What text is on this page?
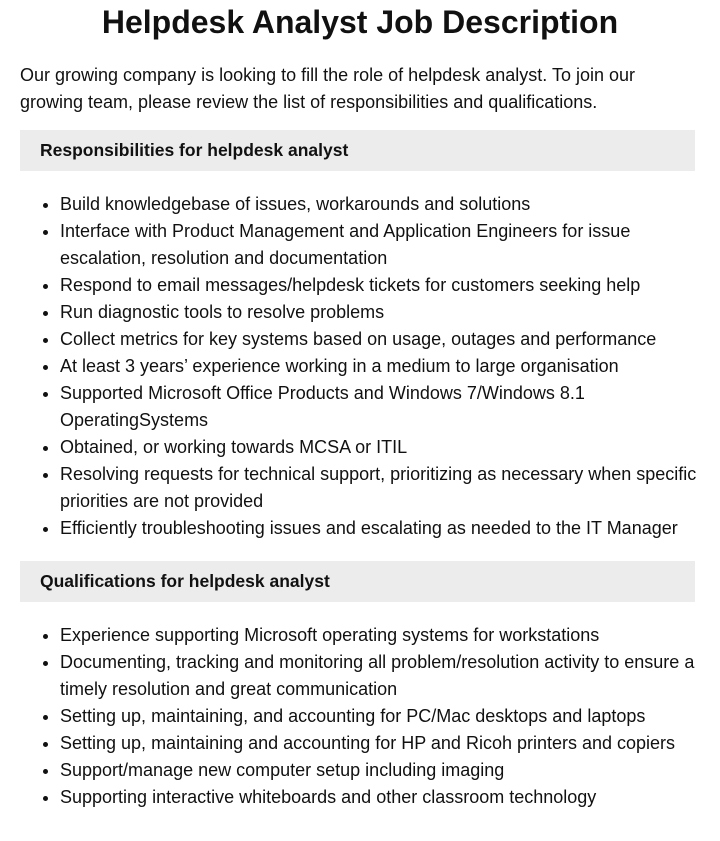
Helpdesk Analyst Job Description

Our growing company is looking to fill the role of helpdesk analyst. To join our growing team, please review the list of responsibilities and qualifications.

Responsibilities for helpdesk analyst
• Build knowledgebase of issues, workarounds and solutions
• Interface with Product Management and Application Engineers for issue escalation, resolution and documentation
• Respond to email messages/helpdesk tickets for customers seeking help
• Run diagnostic tools to resolve problems
• Collect metrics for key systems based on usage, outages and performance
• At least 3 years’ experience working in a medium to large organisation
• Supported Microsoft Office Products and Windows 7/Windows 8.1 OperatingSystems
• Obtained, or working towards MCSA or ITIL
• Resolving requests for technical support, prioritizing as necessary when specific priorities are not provided
• Efficiently troubleshooting issues and escalating as needed to the IT Manager
Qualifications for helpdesk analyst
• Experience supporting Microsoft operating systems for workstations
• Documenting, tracking and monitoring all problem/resolution activity to ensure a timely resolution and great communication
• Setting up, maintaining, and accounting for PC/Mac desktops and laptops
• Setting up, maintaining and accounting for HP and Ricoh printers and copiers
• Support/manage new computer setup including imaging
• Supporting interactive whiteboards and other classroom technology
